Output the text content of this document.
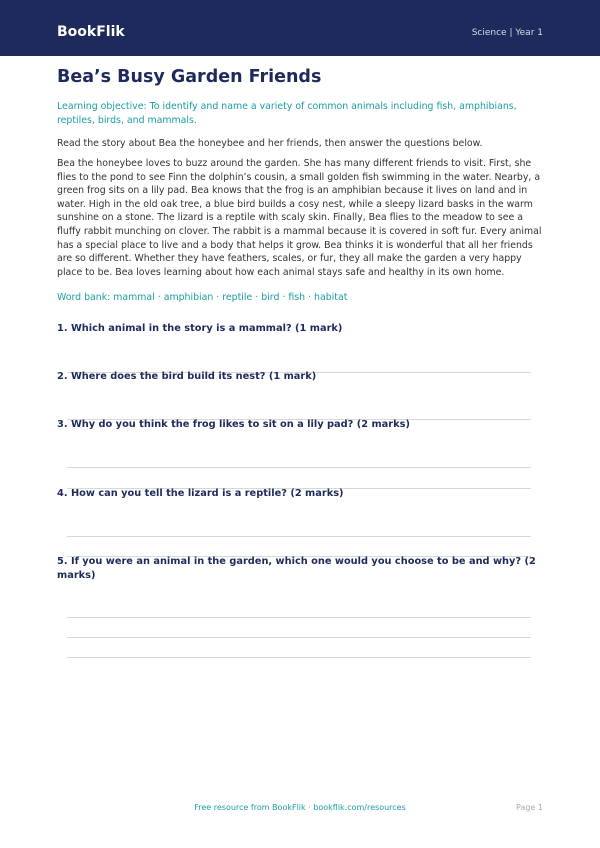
BookFlik	Science | Year 1
Bea’s Busy Garden Friends

Learning objective: To identify and name a variety of common animals including fish, amphibians, reptiles, birds, and mammals.

Read the story about Bea the honeybee and her friends, then answer the questions below.

Bea the honeybee loves to buzz around the garden. She has many different friends to visit. First, she flies to the pond to see Finn the dolphin’s cousin, a small golden fish swimming in the water. Nearby, a green frog sits on a lily pad. Bea knows that the frog is an amphibian because it lives on land and in water. High in the old oak tree, a blue bird builds a cosy nest, while a sleepy lizard basks in the warm sunshine on a stone. The lizard is a reptile with scaly skin. Finally, Bea flies to the meadow to see a fluffy rabbit munching on clover. The rabbit is a mammal because it is covered in soft fur. Every animal has a special place to live and a body that helps it grow. Bea thinks it is wonderful that all her friends are so different. Whether they have feathers, scales, or fur, they all make the garden a very happy place to be. Bea loves learning about how each animal stays safe and healthy in its own home.

Word bank: mammal · amphibian · reptile · bird · fish · habitat

1. Which animal in the story is a mammal? (1 mark)

2. Where does the bird build its nest? (1 mark)

3. Why do you think the frog likes to sit on a lily pad? (2 marks)

4. How can you tell the lizard is a reptile? (2 marks)

5. If you were an animal in the garden, which one would you choose to be and why? (2 marks)

Free resource from BookFlik · bookflik.com/resources	Page 1
